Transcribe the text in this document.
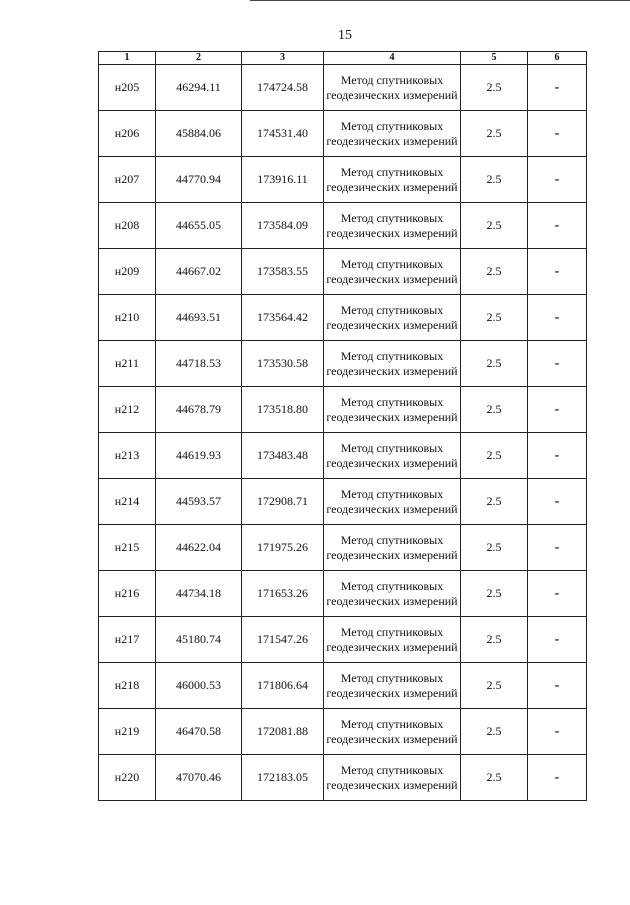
15
1	2	3	4	5	6
н205	46294.11	174724.58	Метод спутниковых геодезических измерений	2.5	-
н206	45884.06	174531.40	Метод спутниковых геодезических измерений	2.5	-
н207	44770.94	173916.11	Метод спутниковых геодезических измерений	2.5	-
н208	44655.05	173584.09	Метод спутниковых геодезических измерений	2.5	-
н209	44667.02	173583.55	Метод спутниковых геодезических измерений	2.5	-
н210	44693.51	173564.42	Метод спутниковых геодезических измерений	2.5	-
н211	44718.53	173530.58	Метод спутниковых геодезических измерений	2.5	-
н212	44678.79	173518.80	Метод спутниковых геодезических измерений	2.5	-
н213	44619.93	173483.48	Метод спутниковых геодезических измерений	2.5	-
н214	44593.57	172908.71	Метод спутниковых геодезических измерений	2.5	-
н215	44622.04	171975.26	Метод спутниковых геодезических измерений	2.5	-
н216	44734.18	171653.26	Метод спутниковых геодезических измерений	2.5	-
н217	45180.74	171547.26	Метод спутниковых геодезических измерений	2.5	-
н218	46000.53	171806.64	Метод спутниковых геодезических измерений	2.5	-
н219	46470.58	172081.88	Метод спутниковых геодезических измерений	2.5	-
н220	47070.46	172183.05	Метод спутниковых геодезических измерений	2.5	-
